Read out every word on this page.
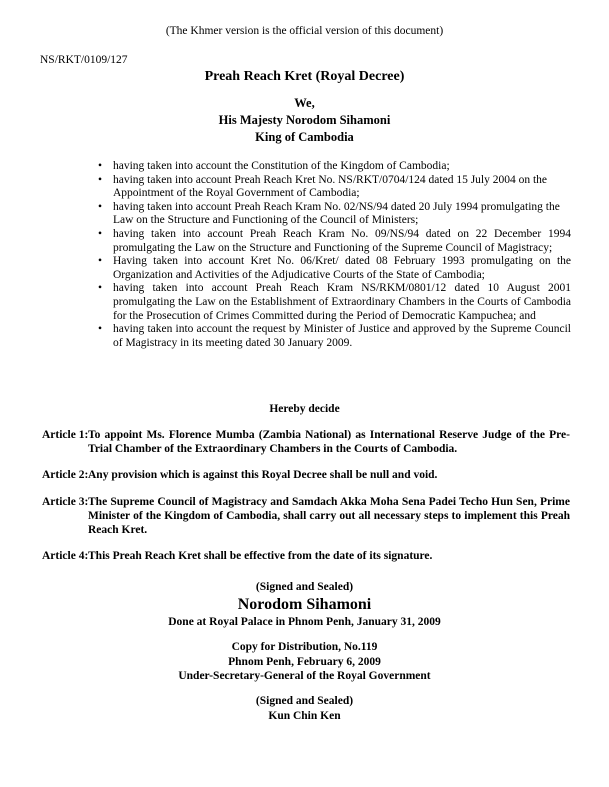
(The Khmer version is the official version of this document)
NS/RKT/0109/127
Preah Reach Kret (Royal Decree)
We,
His Majesty Norodom Sihamoni
King of Cambodia
• having taken into account the Constitution of the Kingdom of Cambodia;
• having taken into account Preah Reach Kret No. NS/RKT/0704/124 dated 15 July 2004 on the Appointment of the Royal Government of Cambodia;
• having taken into account Preah Reach Kram No. 02/NS/94 dated 20 July 1994 promulgating the Law on the Structure and Functioning of the Council of Ministers;
• having taken into account Preah Reach Kram No. 09/NS/94 dated on 22 December 1994 promulgating the Law on the Structure and Functioning of the Supreme Council of Magistracy;
• Having taken into account Kret No. 06/Kret/ dated 08 February 1993 promulgating on the Organization and Activities of the Adjudicative Courts of the State of Cambodia;
• having taken into account Preah Reach Kram NS/RKM/0801/12 dated 10 August 2001 promulgating the Law on the Establishment of Extraordinary Chambers in the Courts of Cambodia for the Prosecution of Crimes Committed during the Period of Democratic Kampuchea; and
• having taken into account the request by Minister of Justice and approved by the Supreme Council of Magistracy in its meeting dated 30 January 2009.
Hereby decide
Article 1: To appoint Ms. Florence Mumba (Zambia National) as International Reserve Judge of the Pre-Trial Chamber of the Extraordinary Chambers in the Courts of Cambodia.
Article 2: Any provision which is against this Royal Decree shall be null and void.
Article 3: The Supreme Council of Magistracy and Samdach Akka Moha Sena Padei Techo Hun Sen, Prime Minister of the Kingdom of Cambodia, shall carry out all necessary steps to implement this Preah Reach Kret.
Article 4: This Preah Reach Kret shall be effective from the date of its signature.
(Signed and Sealed)
Norodom Sihamoni
Done at Royal Palace in Phnom Penh, January 31, 2009
Copy for Distribution, No.119
Phnom Penh, February 6, 2009
Under-Secretary-General of the Royal Government
(Signed and Sealed)
Kun Chin Ken
